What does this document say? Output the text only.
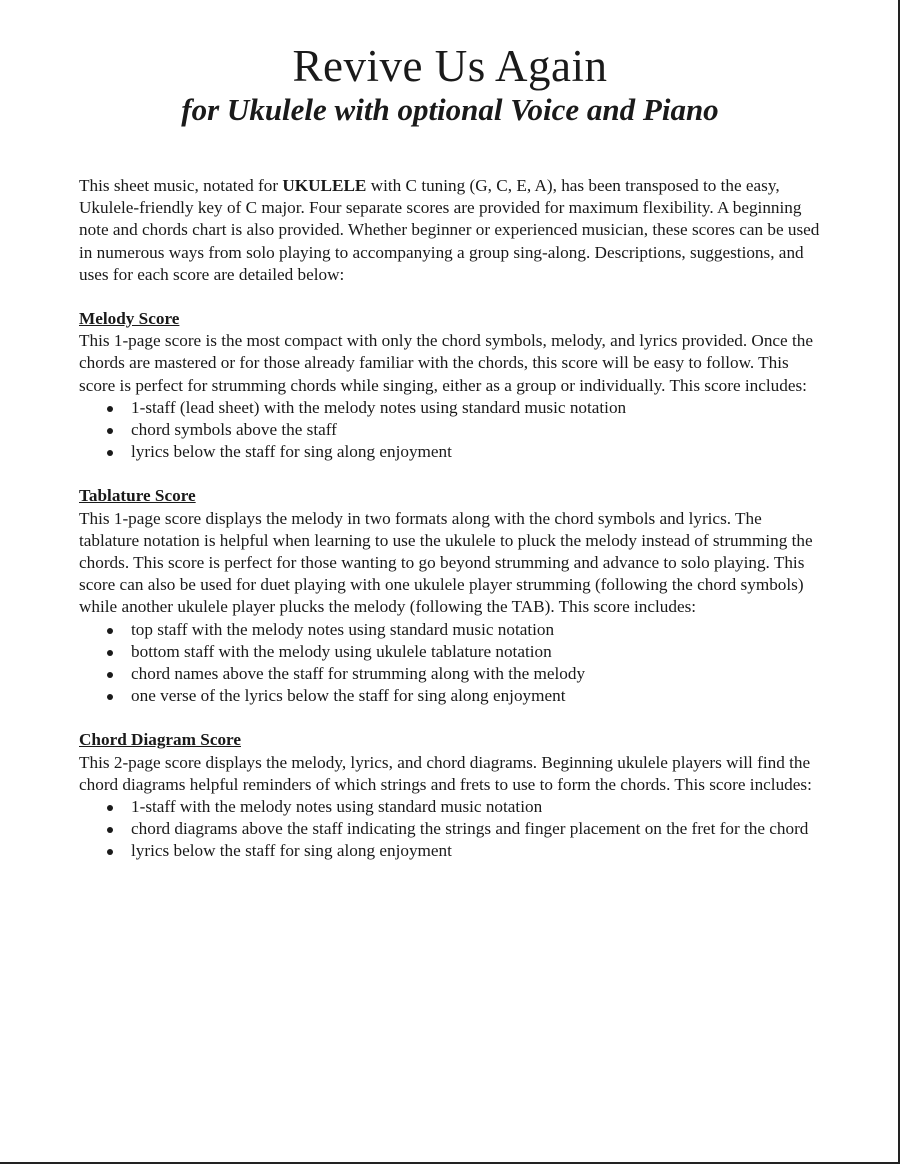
Revive Us Again
for Ukulele with optional Voice and Piano

This sheet music, notated for UKULELE with C tuning (G, C, E, A), has been transposed to the easy, Ukulele-friendly key of C major. Four separate scores are provided for maximum flexibility. A beginning note and chords chart is also provided. Whether beginner or experienced musician, these scores can be used in numerous ways from solo playing to accompanying a group sing-along. Descriptions, suggestions, and uses for each score are detailed below:

Melody Score

This 1-page score is the most compact with only the chord symbols, melody, and lyrics provided. Once the chords are mastered or for those already familiar with the chords, this score will be easy to follow. This score is perfect for strumming chords while singing, either as a group or individually. This score includes:

1-staff (lead sheet) with the melody notes using standard music notation
chord symbols above the staff
lyrics below the staff for sing along enjoyment
Tablature Score

This 1-page score displays the melody in two formats along with the chord symbols and lyrics. The tablature notation is helpful when learning to use the ukulele to pluck the melody instead of strumming the chords. This score is perfect for those wanting to go beyond strumming and advance to solo playing. This score can also be used for duet playing with one ukulele player strumming (following the chord symbols) while another ukulele player plucks the melody (following the TAB). This score includes:

top staff with the melody notes using standard music notation
bottom staff with the melody using ukulele tablature notation
chord names above the staff for strumming along with the melody
one verse of the lyrics below the staff for sing along enjoyment
Chord Diagram Score

This 2-page score displays the melody, lyrics, and chord diagrams. Beginning ukulele players will find the chord diagrams helpful reminders of which strings and frets to use to form the chords. This score includes:

1-staff with the melody notes using standard music notation
chord diagrams above the staff indicating the strings and finger placement on the fret for the chord
lyrics below the staff for sing along enjoyment
